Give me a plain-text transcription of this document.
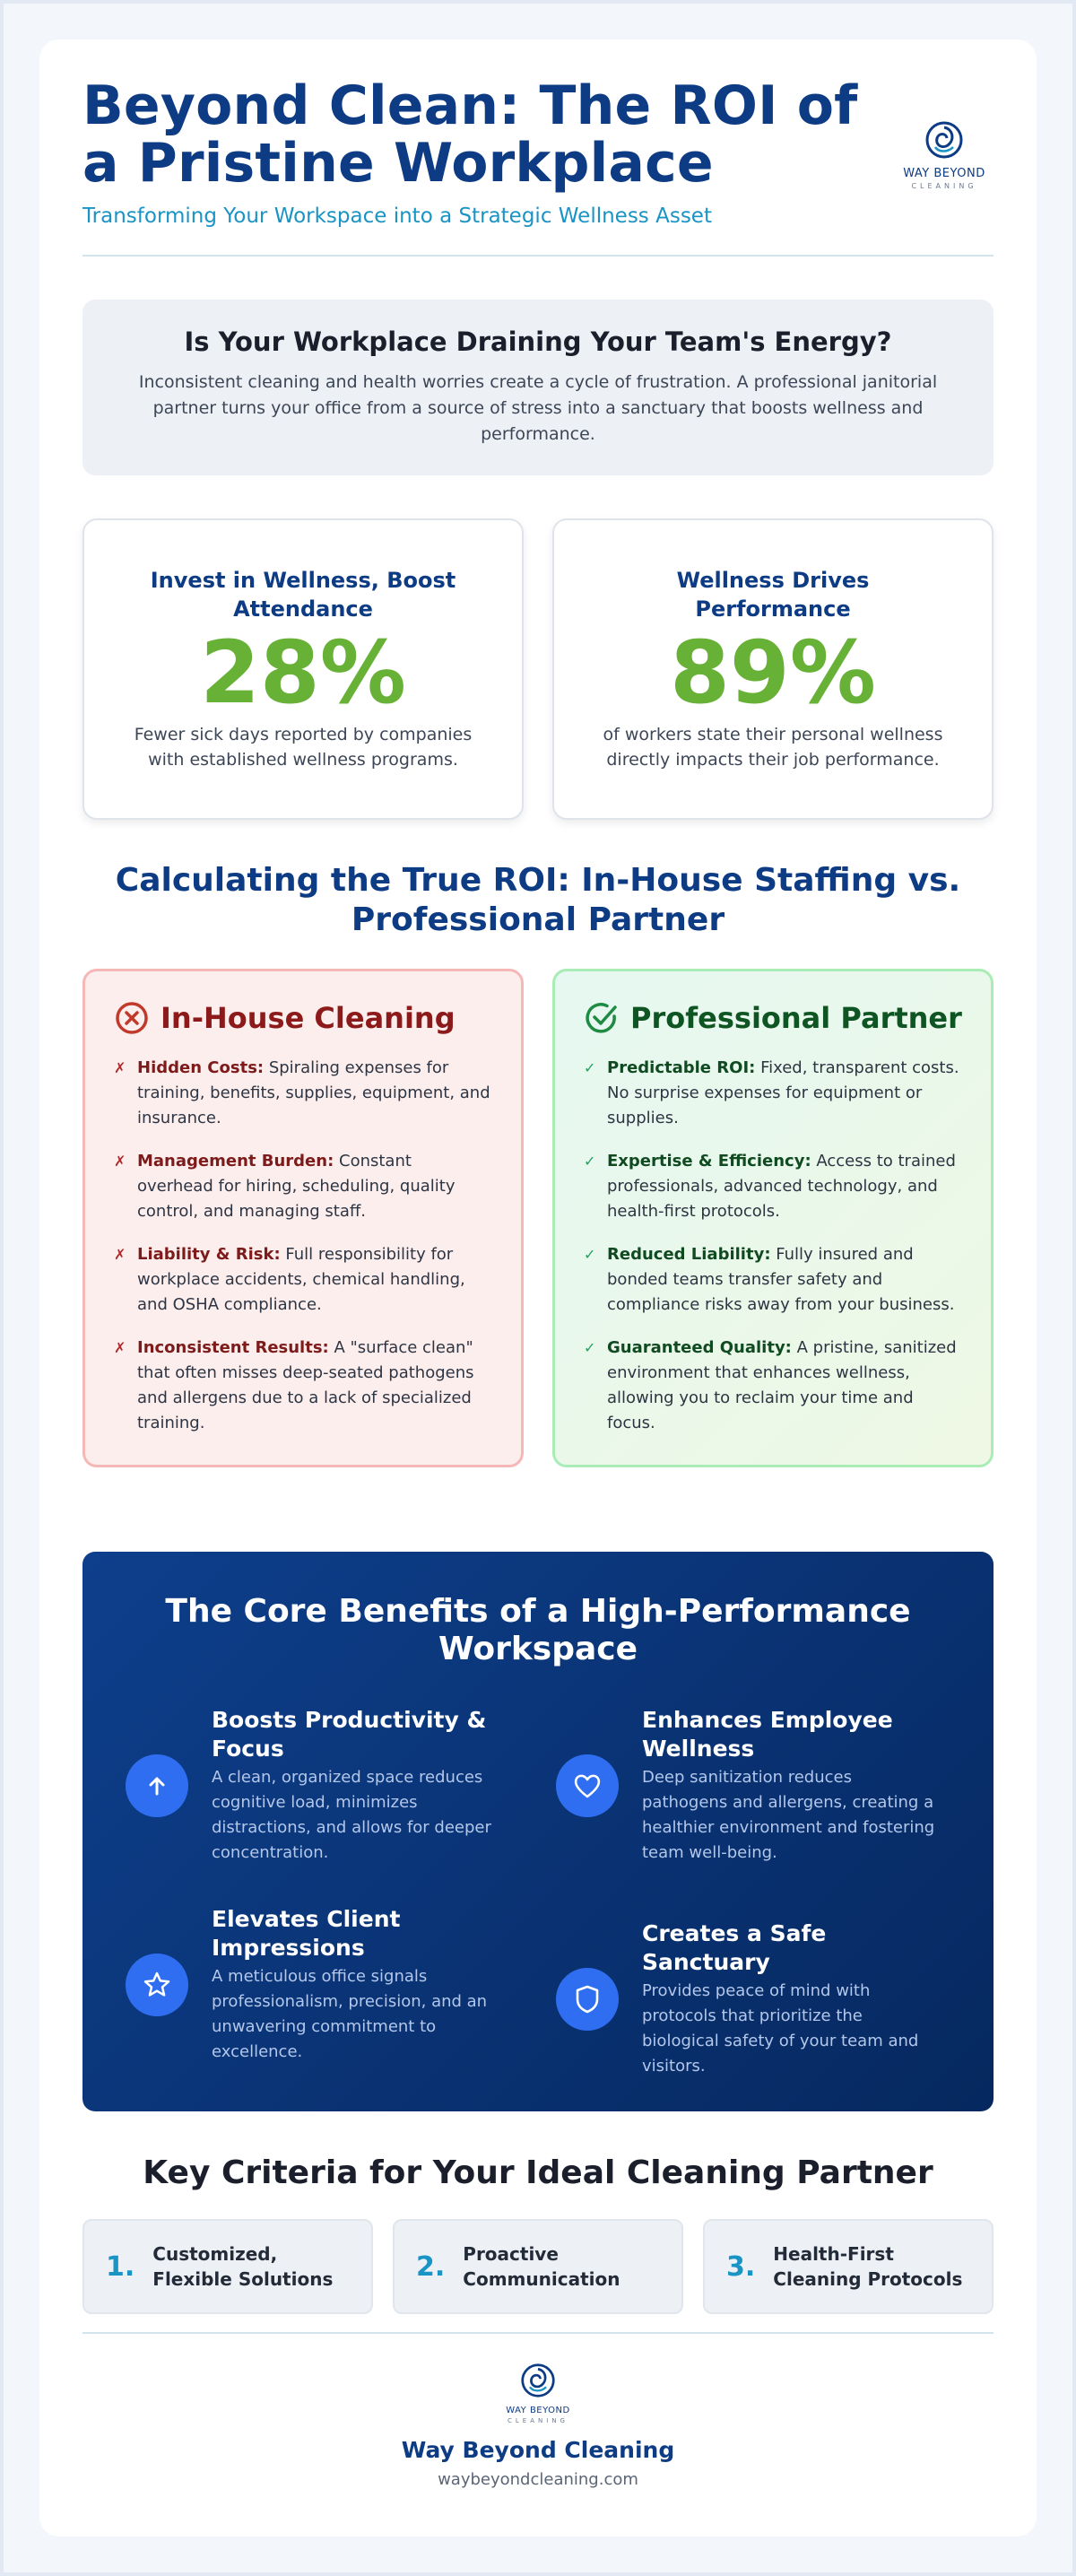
Beyond Clean: The ROI of a Pristine Workplace
Transforming Your Workspace into a Strategic Wellness Asset
WAY BEYOND
CLEANING
Is Your Workplace Draining Your Team's Energy?

Inconsistent cleaning and health worries create a cycle of frustration. A professional janitorial partner turns your office from a source of stress into a sanctuary that boosts wellness and performance.

Invest in Wellness, Boost Attendance
28%

Fewer sick days reported by companies with established wellness programs.

Wellness Drives Performance
89%

of workers state their personal wellness directly impacts their job performance.

Calculating the True ROI: In-House Staffing vs. Professional Partner
In-House Cleaning
✗ Hidden Costs: Spiraling expenses for training, benefits, supplies, equipment, and insurance.
✗ Management Burden: Constant overhead for hiring, scheduling, quality control, and managing staff.
✗ Liability & Risk: Full responsibility for workplace accidents, chemical handling, and OSHA compliance.
✗ Inconsistent Results: A "surface clean" that often misses deep-seated pathogens and allergens due to a lack of specialized training.
Professional Partner
✓ Predictable ROI: Fixed, transparent costs. No surprise expenses for equipment or supplies.
✓ Expertise & Efficiency: Access to trained professionals, advanced technology, and health-first protocols.
✓ Reduced Liability: Fully insured and bonded teams transfer safety and compliance risks away from your business.
✓ Guaranteed Quality: A pristine, sanitized environment that enhances wellness, allowing you to reclaim your time and focus.
The Core Benefits of a High-Performance Workspace
Boosts Productivity & Focus

A clean, organized space reduces cognitive load, minimizes distractions, and allows for deeper concentration.

Enhances Employee Wellness

Deep sanitization reduces pathogens and allergens, creating a healthier environment and fostering team well-being.

Elevates Client Impressions

A meticulous office signals professionalism, precision, and an unwavering commitment to excellence.

Creates a Safe Sanctuary

Provides peace of mind with protocols that prioritize the biological safety of your team and visitors.

Key Criteria for Your Ideal Cleaning Partner
1. Customized, Flexible Solutions	2. Proactive Communication	3. Health-First Cleaning Protocols
WAY BEYOND
CLEANING
Way Beyond Cleaning
waybeyondcleaning.com
